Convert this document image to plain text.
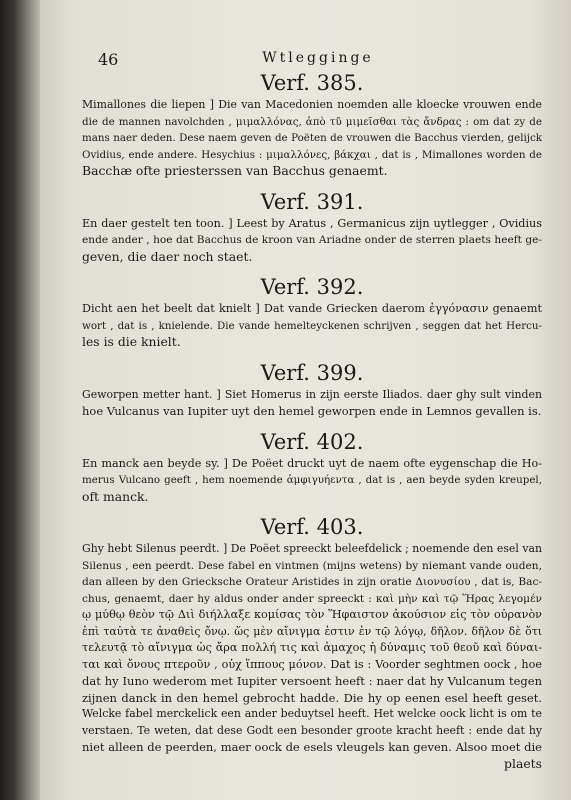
46	Wtlegginge
Verf. 385.
Mimallones die liepen ] Die van Macedonien noemden alle kloecke vrouwen ende
die de mannen navolchden , μιμαλλόνας, ἀπὸ τῦ μιμεῖσθαι τὰς ἄνδρας : om dat zy de
mans naer deden. Dese naem geven de Poëten de vrouwen die Bacchus vierden, gelijck
Ovidius, ende andere. Hesychius : μιμαλλόνες, βάκχαι , dat is , Mimallones worden de
Bacchæ ofte priesterssen van Bacchus genaemt.
Verf. 391.
En daer gestelt ten toon. ] Leest by Aratus , Germanicus zijn uytlegger , Ovidius
ende ander , hoe dat Bacchus de kroon van Ariadne onder de sterren plaets heeft ge-
geven, die daer noch staet.
Verf. 392.
Dicht aen het beelt dat knielt ] Dat vande Griecken daerom ἐγγόνασιν genaemt
wort , dat is , knielende. Die vande hemelteyckenen schrijven , seggen dat het Hercu-
les is die knielt.
Verf. 399.
Geworpen metter hant. ] Siet Homerus in zijn eerste Iliados. daer ghy sult vinden
hoe Vulcanus van Iupiter uyt den hemel geworpen ende in Lemnos gevallen is.
Verf. 402.
En manck aen beyde sy. ] De Poëet druckt uyt de naem ofte eygenschap die Ho-
merus Vulcano geeft , hem noemende ἀμφιγυήεντα , dat is , aen beyde syden kreupel,
oft manck.
Verf. 403.
Ghy hebt Silenus peerdt. ] De Poëet spreeckt beleefdelick ; noemende den esel van
Silenus , een peerdt. Dese fabel en vintmen (mijns wetens) by niemant vande ouden,
dan alleen by den Griecksche Orateur Aristides in zijn oratie Διονυσίου , dat is, Bac-
chus, genaemt, daer hy aldus onder ander spreeckt : καὶ μὴν καὶ τῷ Ἥρας λεγομέν
ῳ μύθῳ θεὸν τῷ Διὶ διήλλαξε κομίσας τὸν Ἥφαιστον ἀκούσιον εἰς τὸν οὐρανὸν
ἐπὶ ταὐτὰ τε ἀναθεὶς ὄνῳ. ὥς μὲν αἴνιγμα ἐστιν ἐν τῷ λόγῳ, δῆλον. δῆλον δὲ ὅτι
τελευτᾷ τὸ αἴνιγμα ὡς ἄρα πολλή τις καὶ ἀμαχος ἡ δύναμις τοῦ θεοῦ καὶ δύναι-
ται καὶ ὄνους πτεροῦν , οὐχ ἵππους μόνον. Dat is : Voorder seghtmen oock , hoe
dat hy Iuno wederom met Iupiter versoent heeft : naer dat hy Vulcanum tegen
zijnen danck in den hemel gebrocht hadde. Die hy op eenen esel heeft geset.
Welcke fabel merckelick een ander beduytsel heeft. Het welcke oock licht is om te
verstaen. Te weten, dat dese Godt een besonder groote kracht heeft : ende dat hy
niet alleen de peerden, maer oock de esels vleugels kan geven. Alsoo moet die
plaets
